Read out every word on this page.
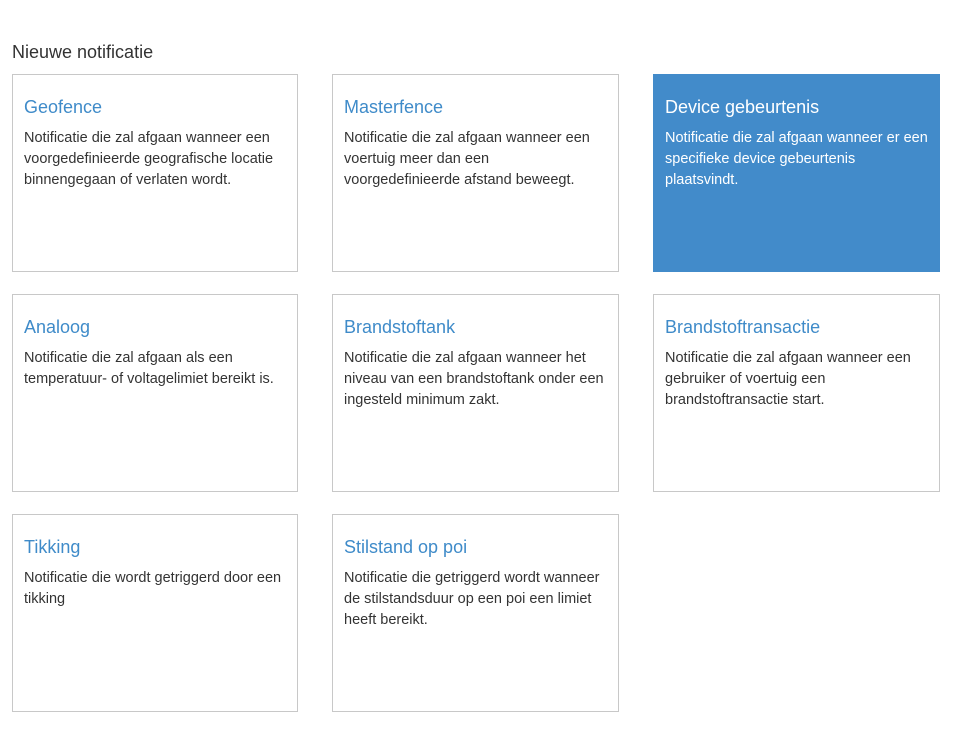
Nieuwe notificatie
Geofence

Notificatie die zal afgaan wanneer een voorgedefinieerde geografische locatie binnengegaan of verlaten wordt.

Masterfence

Notificatie die zal afgaan wanneer een voertuig meer dan een voorgedefinieerde afstand beweegt.

Device gebeurtenis

Notificatie die zal afgaan wanneer er een specifieke device gebeurtenis plaatsvindt.

Analoog

Notificatie die zal afgaan als een temperatuur- of voltagelimiet bereikt is.

Brandstoftank

Notificatie die zal afgaan wanneer het niveau van een brandstoftank onder een ingesteld minimum zakt.

Brandstoftransactie

Notificatie die zal afgaan wanneer een gebruiker of voertuig een brandstoftransactie start.

Tikking

Notificatie die wordt getriggerd door een tikking

Stilstand op poi

Notificatie die getriggerd wordt wanneer de stilstandsduur op een poi een limiet heeft bereikt.
